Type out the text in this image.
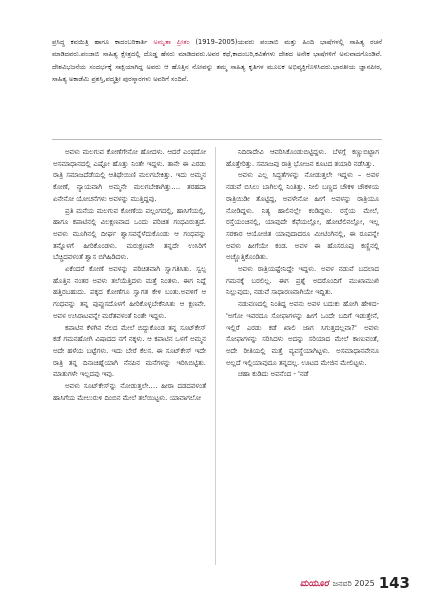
ಪ್ರಸಿದ್ಧ ಕವಯಿತ್ರಿ ಹಾಗೂ ಕಾದಂಬರಿಕಾರ್ತಿ ಅಮೃತಾ ಪ್ರೀತಂ (1919–2005)ಯವರು ಪಂಜಾಬಿ ಮತ್ತು ಹಿಂದಿ ಭಾಷೆಗಳಲ್ಲಿ ಸಾಹಿತ್ಯ ರಚನೆ ಮಾಡಿದವರು.ಪಂಜಾಬಿ ಸಾಹಿತ್ಯ ಕ್ಷೇತ್ರದಲ್ಲಿ ದೊಡ್ಡ ಹೆಸರು ಮಾಡಿದವರು.ಅವರ ಕಥೆ,ಕಾದಂಬರಿ,ಕವಿತೆಗಳು ದೇಶದ ಅನೇಕ ಭಾಷೆಗಳಿಗೆ ಅನುವಾದಗೊಂಡಿವೆ. ದೇಶವಿಭಜನೆಯ ಸಂದರ್ಭಕ್ಕೆ ಸಾಕ್ಷಿಯಾಗಿದ್ದ ಅವರು ಆ ಹೊತ್ತಿನ ನೋವನ್ನು ತಮ್ಮ ಸಾಹಿತ್ಯ ಕೃತಿಗಳ ಮೂಲಕ ಅಭಿವ್ಯಕ್ತಿಗೊಳಿಸಿದರು.ಭಾರತೀಯ ಜ್ಞಾನಪೀಠ, ಸಾಹಿತ್ಯ ಅಕಾಡೆಮಿ ಪ್ರಶಸ್ತಿ,ಪದ್ಮಶ್ರೀ ಪುರಸ್ಕಾರಗಳು ಅವರಿಗೆ ಸಂದಿವೆ.

ಅವಳು ಮಲಗುವ ಕೋಣೆಗೇನೋ ಹೋದಳು. ಆದರೆ ಎಂಥದೋ ಅಸಮಾಧಾನದಲ್ಲಿ ಎಷ್ಟೋ ಹೊತ್ತು ನಿಂತೇ ಇದ್ದಳು. ತಾನೇ ಈ ಎರಡು ರಾತ್ರಿ ಸಮಾಜದೆಡೆಯಲ್ಲಿ ಆತಿಥೇಯಿಣಿ ಮಲಗಬೇಕಿತ್ತು. ಇದು ಅಮ್ಮನ ಕೋಣೆ, ನ್ಯಾಯವಾಗಿ ಅಮ್ಮನೇ ಮಲಗಬೇಕಾಗಿತ್ತು…. ತರಹದಾ ಏನೇನೋ ಯೋಚನೆಗಳು ಅವಳನ್ನು ಮುತ್ತಿದ್ದವು.

ಪ್ರತಿ ಮನೆಯ ಮಲಗುವ ಕೋಣೆಯ ಪಲ್ಲಂಗದಲ್ಲಿ, ಹಾಸಿಗೆಯಲ್ಲಿ, ಹಾಗೂ ಕಪಾಟಿನಲ್ಲಿ ವಿಲಕ್ಷಣವಾದ ಒಂದು ಪರಿಚಿತ ಗಂಧವಿರುತ್ತದೆ. ಅವಳು ಮೂಗಿನಲ್ಲಿ ದೀರ್ಘ ಶ್ವಾಸವನ್ನೆಳೆದುಕೊಂಡು ಆ ಗಂಧವನ್ನು ತನ್ನೊಳಗೆ ಹೀರಿಕೊಂಡಳು. ಮರುಕ್ಷಣವೇ ತನ್ನದೇ ಉಸಿರಿಗೆ ಬೆಚ್ಚಿದವಳಂತೆ ಶ್ವಾಸ ಬಿಗಿಹಿಡಿದಳು.

ಏಕೆಂದರೆ ಕೋಣೆ ಅವಳನ್ನು ಪರಿಚಿತವಾಗಿ ಸ್ವಾಗತಿಸಿತು. ಸ್ವಲ್ಪ ಹೊತ್ತಿನ ನಂತರ ಅವಳು ತಲೆಯೆತ್ತಿದಳು ಮತ್ತೆ ನಿಂತಳು. ಈಗ ನಿದ್ದೆ ಹತ್ತಿರಬಹುದು. ಪಕ್ಕದ ಕೋಣೆಗೂ ಸ್ವಾಗತ ಕೇಳಿ ಬಂತು.ಅವಳಿಗೆ ಆ ಗಂಧವನ್ನು ತನ್ನ ಪುಪ್ಪುಸದೊಳಗೆ ಹೀರಿಕೊಳ್ಳಬೇಕೆನಿಸಿತು ಆ ಕ್ಷಣವೇ. ಅವಳ ಉಸಿರಾಟವನ್ನೇ ಮರೆತವಳಂತೆ ನಿಂತೇ ಇದ್ದಳು.

ಕಪಾಟಿನ ಕೆಳಗಿನ ನೆಲದ ಮೇಲೆ ಬಿದ್ದುಕೊಂಡ ತನ್ನ ಸೂಟ್‌ಕೇಸ್ ಕಡೆ ಗಮನಹೋಗಿ ವಿಷಾದದ ನಗೆ ನಕ್ಕಳು. ಆ ಕಪಾಟಿನ ಒಳಗೆ ಅಮ್ಮನ ಅದೇ ಹಳೆಯ ಬಟ್ಟೆಗಳು. ಇದು ಬೇರೆ ಕೆಲಸ. ಈ ಸೂಟ್‌ಕೇಸ್ ಇದೇ ರಾತ್ರಿ ತನ್ನ ದಿನಾಚಿಹ್ನೆಯಾಗಿ ನೆನಪಿನ ಮನೆಗಳನ್ನು ಇರಿಸಿಬಿಟ್ಟಿತು. ಮಾತುಗಳೇ ಇಲ್ಲದವು ಇವು.

ಅವಳು ಸೂಟ್‌ಕೇಸ್‌ನ್ನು ನೋಡುತ್ತಲೇ…. ಹೀರಾ ದಡದವಳಂತೆ ಹಾಸಿಗೆಯ ಮೇಲುರುಳಿ ದಿಂಬಿನ ಮೇಲೆ ತಲೆಯಿಟ್ಟಳು. ಯಾವಾಗಲೋ

ನಿದಿರಾದೇವಿ ಆವರಿಸಿಕೊಂಡುಬಿಟ್ಟಿದ್ದಳು. ಬೆಳಗ್ಗೆ ಕಣ್ಣುಬಿಟ್ಟಾಗ ಹೊತ್ತೇರಿತ್ತು. ಸಮಾಜವು ರಾತ್ರಿ ಭೋಜನ ಕೂಟದ ತಯಾರಿ ನಡೆಸಿತ್ತು.

ಅವಳು ಎಲ್ಲ ಸಿದ್ಧತೆಗಳನ್ನು ನೋಡುತ್ತಲೇ ಇದ್ದಳು – ಅವಳ ನಡುವೆ ಬಿಸಿಲು ಬಾಗಿಲಲ್ಲಿ ನಿಂತಿತ್ತು. ನೀಲಿ ಬಣ್ಣದ ಚೌಕಳಿ ಚೌಕಳಿಯ ರಾತ್ರಿಯಿಡೀ ತೊಟ್ಟಿದ್ದ, ಅವಳೇನೋ ಹೀಗೆ ಅವಳನ್ನು ರಾತ್ರಿಯೂ ನೋಡಿದ್ದಳು. ನಿತ್ಯ ಹಾಲಿನಲ್ಲೇ ಕಂಡಿದ್ದಳು. ರಸ್ತೆಯ ಮೇಲೆ, ರಸ್ತೆಯಂಚಿನಲ್ಲಿ, ಯಾವುದೇ ಕೆಫೆಯಲ್ಲೋ, ಹೋಟೆಲಿನಲ್ಲೋ, ಇಲ್ಲ ಸರಕಾರ ಆಯೋಜಿತ ಯಾವುದಾದರೂ ಮೀಟಿಂಗಿನಲ್ಲಿ, ಈ ರೂಪನ್ನೇ ಅವಳು ಹೀಗೆಯೇ ಕಂಡ. ಅವಳ ಈ ಹೊಸರೂಪು ಕಣ್ಣಿನಲ್ಲಿ ಅಚ್ಚೊತ್ತಿಕೊಂಡಿತು.

ಅವಳು ರಾತ್ರಿಯಷ್ಟೇನಿದ್ದೇ ಇದ್ದಳು. ಅವಳ ನಡುವೆ ಬದಲಾದ ಗಮನಕ್ಕೆ ಬರಲಿಲ್ಲ. ಈಗ ಪ್ರಶ್ನೆ ಅದರೊಂದಿಗೆ ಮುಖಾಮುಖಿ ನಿಲ್ಲುವುದು, ನಡುವೆ ಸಾಧಾರಣವಾಗಿಯೇ ಇದ್ದಿತು.

ನಡುವಣದಲ್ಲಿ ನಿಂತಿದ್ದ ಅವನು ಅವಳ ಬದುಕು ಹೋಗಿ ಹೇಳಿದ- 'ಅಗೋ ಇವರದೂ ಸೋಫಾಗಳನ್ನು ಹೀಗೆ ಒಂದೇ ಬದಿಗೆ ಇಡುತ್ತೇನೆ, ಇಲ್ಲಿರೆ ಎರಡು ಕಡೆ ಖಾಲಿ ಜಾಗ ಸಿಗುತ್ತದಲ್ಲವಾ?' ಅವಳು ಸೋಫಾಗಳನ್ನು ಸರಿಸಿದಳು ಅದನ್ನು ಸರಿಯಾದ ಮೇಲೆ ಕಾಣುವಂತೆ, ಅದೇ ರೀತಿಯಲ್ಲಿ ಮತ್ತೆ ವ್ಯವಸ್ಥೆಯಾಗಿಟ್ಟಳು. ಅಸಮಾಧಾನವೇನೂ ಅಲ್ಲದೆ ಇಲ್ಲಿಯಾವುದೂ ತನ್ನದಲ್ಲ. ಊಟದ ಮೇಜಿನ ಮೇಲಿಟ್ಟಳು.

ಚಹಾ ಕುಡಿದು ಅವನೆಂದ - 'ನಡೆ

ಮಯೂರ ಜನವರಿ 2025 143
